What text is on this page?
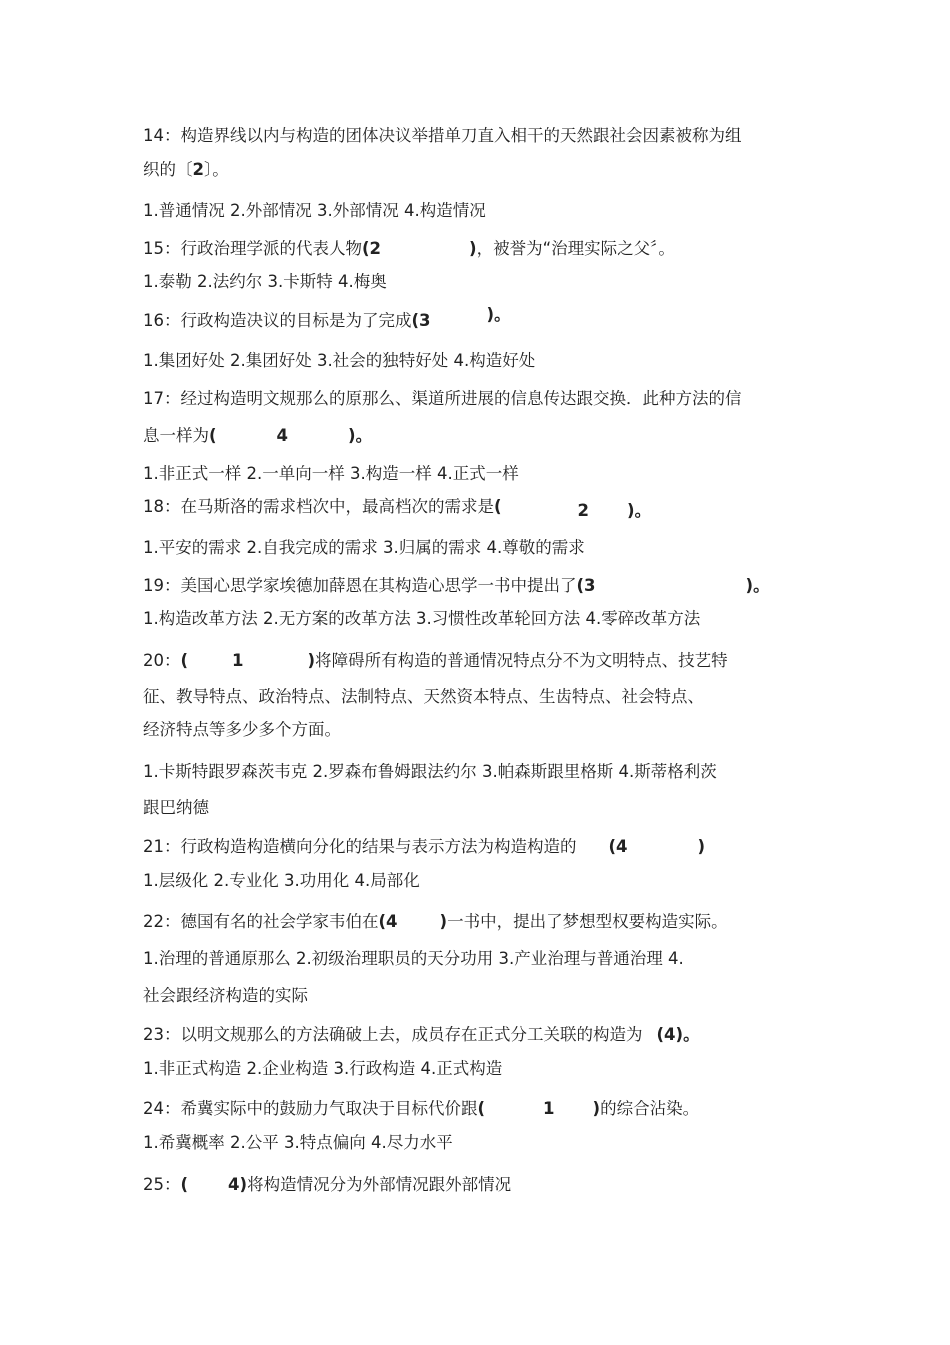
14：构造界线以内与构造的团体决议举措单刀直入相干的天然跟社会因素被称为组
织的〔2〕。
1.普通情况 2.外部情况 3.外部情况 4.构造情况
15：行政治理学派的代表人物(2	)，被誉为“治理实际之父〞。
1.泰勒 2.法约尔 3.卡斯特 4.梅奥
16：行政构造决议的目标是为了完成(3	)。
1.集团好处 2.集团好处 3.社会的独特好处 4.构造好处
17：经过构造明文规那么的原那么、渠道所进展的信息传达跟交换．此种方法的信
息一样为(	4	)。
1.非正式一样 2.一单向一样 3.构造一样 4.正式一样
18：在马斯洛的需求档次中，最高档次的需求是(	2 )。
1.平安的需求 2.自我完成的需求 3.归属的需求 4.尊敬的需求
19：美国心思学家埃德加薛恩在其构造心思学一书中提出了(3	)。
1.构造改革方法 2.无方案的改革方法 3.习惯性改革轮回方法 4.零碎改革方法
20：(	1	)将障碍所有构造的普通情况特点分不为文明特点、技艺特
征、教导特点、政治特点、法制特点、天然资本特点、生齿特点、社会特点、
经济特点等多少多个方面。
1.卡斯特跟罗森茨韦克 2.罗森布鲁姆跟法约尔 3.帕森斯跟里格斯 4.斯蒂格利茨
跟巴纳德
21：行政构造构造横向分化的结果与表示方法为构造构造的 (4	)
1.层级化 2.专业化 3.功用化 4.局部化
22：德国有名的社会学家韦伯在(4	)一书中，提出了梦想型权要构造实际。
1.治理的普通原那么 2.初级治理职员的天分功用 3.产业治理与普通治理 4.
社会跟经济构造的实际
23：以明文规那么的方法确破上去，成员存在正式分工关联的构造为 (4)。
1.非正式构造 2.企业构造 3.行政构造 4.正式构造
24：希冀实际中的鼓励力气取决于目标代价跟(	1 )的综合沾染。
1.希冀概率 2.公平 3.特点偏向 4.尽力水平
25：( 4)将构造情况分为外部情况跟外部情况
